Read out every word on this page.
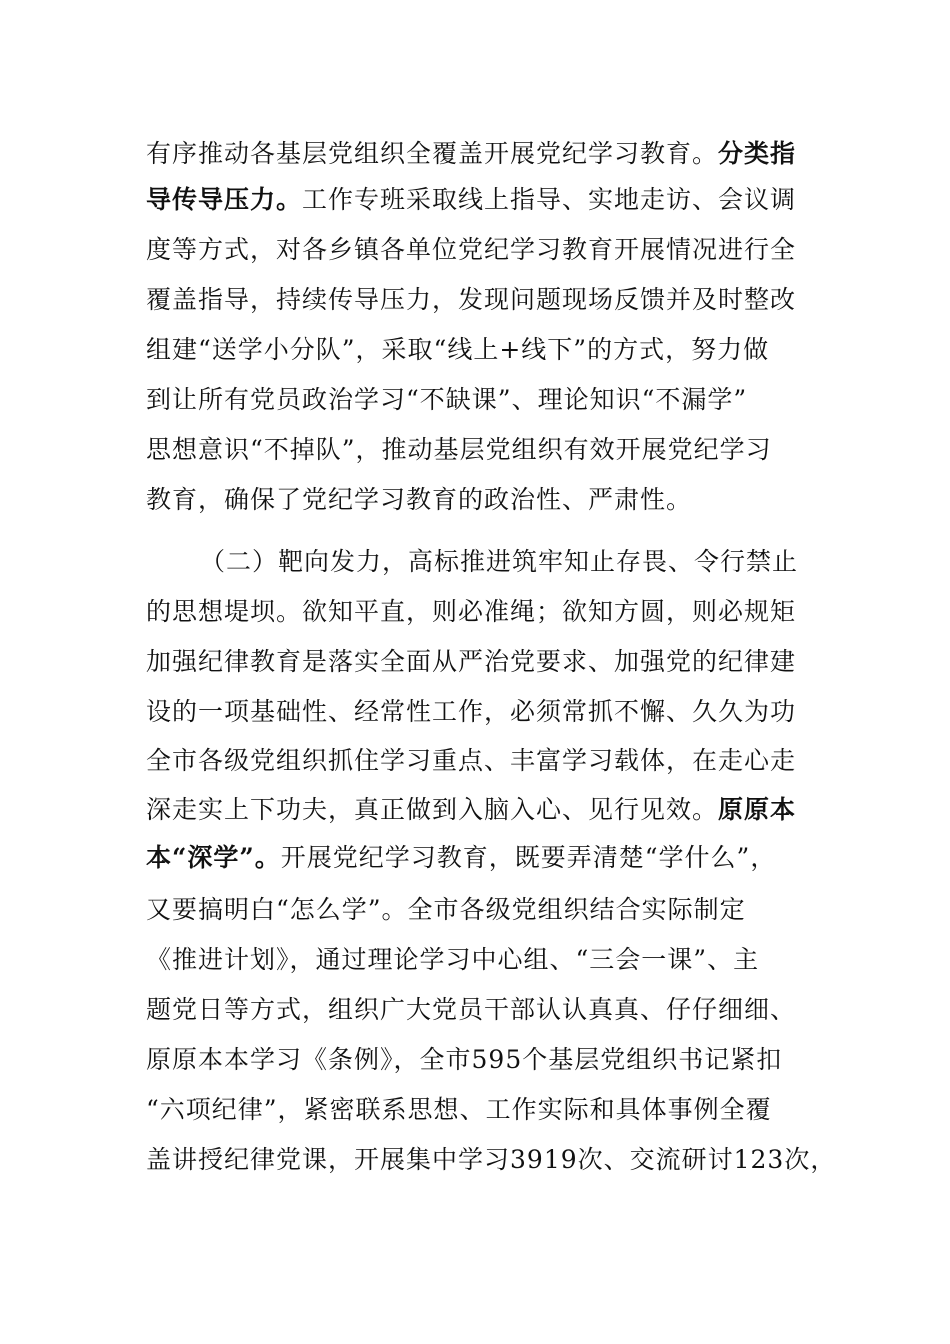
有序推动各基层党组织全覆盖开展党纪学习教育。分类指
导传导压力。工作专班采取线上指导、实地走访、会议调
度等方式，对各乡镇各单位党纪学习教育开展情况进行全
覆盖指导，持续传导压力，发现问题现场反馈并及时整改
组建“送学小分队”，采取“线上+线下”的方式，努力做
到让所有党员政治学习“不缺课”、理论知识“不漏学”
思想意识“不掉队”，推动基层党组织有效开展党纪学习
教育，确保了党纪学习教育的政治性、严肃性。
（二）靶向发力，高标推进筑牢知止存畏、令行禁止
的思想堤坝。欲知平直，则必准绳；欲知方圆，则必规矩
加强纪律教育是落实全面从严治党要求、加强党的纪律建
设的一项基础性、经常性工作，必须常抓不懈、久久为功
全市各级党组织抓住学习重点、丰富学习载体，在走心走
深走实上下功夫，真正做到入脑入心、见行见效。原原本
本“深学”。开展党纪学习教育，既要弄清楚“学什么”，
又要搞明白“怎么学”。全市各级党组织结合实际制定
《推进计划》，通过理论学习中心组、“三会一课”、主
题党日等方式，组织广大党员干部认认真真、仔仔细细、
原原本本学习《条例》，全市595个基层党组织书记紧扣
“六项纪律”，紧密联系思想、工作实际和具体事例全覆
盖讲授纪律党课，开展集中学习3919次、交流研讨123次，
